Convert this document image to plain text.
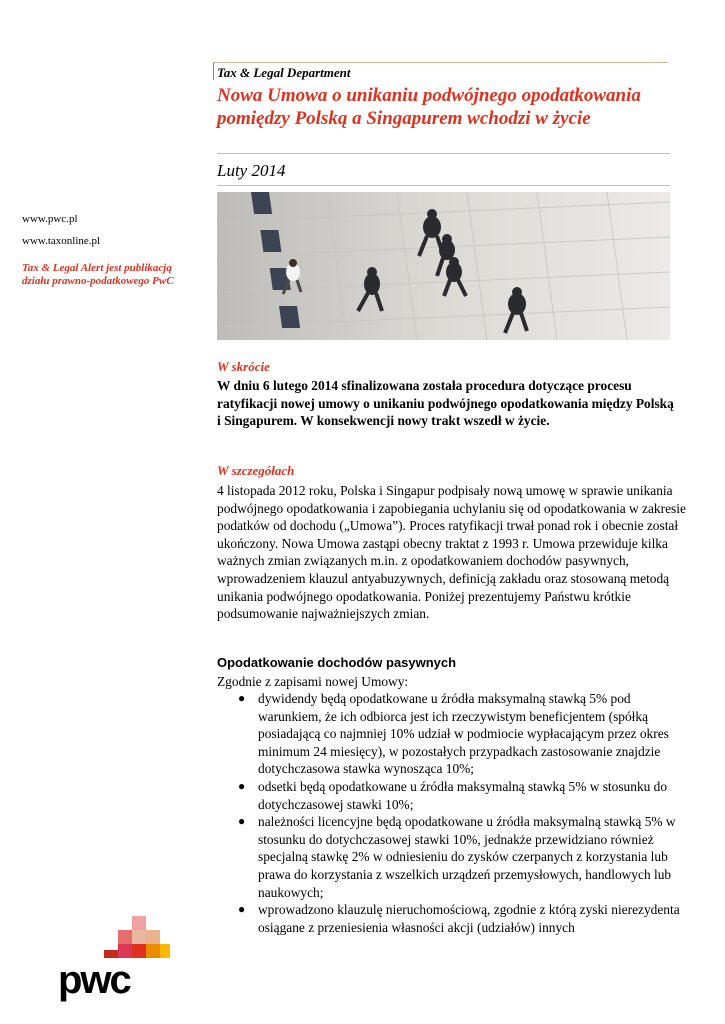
Tax & Legal Department
Nowa Umowa o unikaniu podwójnego opodatkowania pomiędzy Polską a Singapurem wchodzi w życie
Luty 2014
www.pwc.pl
www.taxonline.pl
Tax & Legal Alert jest publikacją działu prawno-podatkowego PwC
W skrócie
W dniu 6 lutego 2014 sfinalizowana została procedura dotyczące procesu ratyfikacji nowej umowy o unikaniu podwójnego opodatkowania między Polską i Singapurem. W konsekwencji nowy trakt wszedł w życie.
W szczegółach
4 listopada 2012 roku, Polska i Singapur podpisały nową umowę w sprawie unikania podwójnego opodatkowania i zapobiegania uchylaniu się od opodatkowania w zakresie podatków od dochodu („Umowa”). Proces ratyfikacji trwał ponad rok i obecnie został ukończony. Nowa Umowa zastąpi obecny traktat z 1993 r. Umowa przewiduje kilka ważnych zmian związanych m.in. z opodatkowaniem dochodów pasywnych, wprowadzeniem klauzul antyabuzywnych, definicją zakładu oraz stosowaną metodą unikania podwójnego opodatkowania. Poniżej prezentujemy Państwu krótkie podsumowanie najważniejszych zmian.
Opodatkowanie dochodów pasywnych
Zgodnie z zapisami nowej Umowy:
● dywidendy będą opodatkowane u źródła maksymalną stawką 5% pod warunkiem, że ich odbiorca jest ich rzeczywistym beneficjentem (spółką posiadającą co najmniej 10% udział w podmiocie wypłacającym przez okres minimum 24 miesięcy), w pozostałych przypadkach zastosowanie znajdzie dotychczasowa stawka wynosząca 10%;
● odsetki będą opodatkowane u źródła maksymalną stawką 5% w stosunku do dotychczasowej stawki 10%;
● należności licencyjne będą opodatkowane u źródła maksymalną stawką 5% w stosunku do dotychczasowej stawki 10%, jednakże przewidziano również specjalną stawkę 2% w odniesieniu do zysków czerpanych z korzystania lub prawa do korzystania z wszelkich urządzeń przemysłowych, handlowych lub naukowych;
● wprowadzono klauzulę nieruchomościową, zgodnie z którą zyski nierezydenta osiągane z przeniesienia własności akcji (udziałów) innych
pwc
